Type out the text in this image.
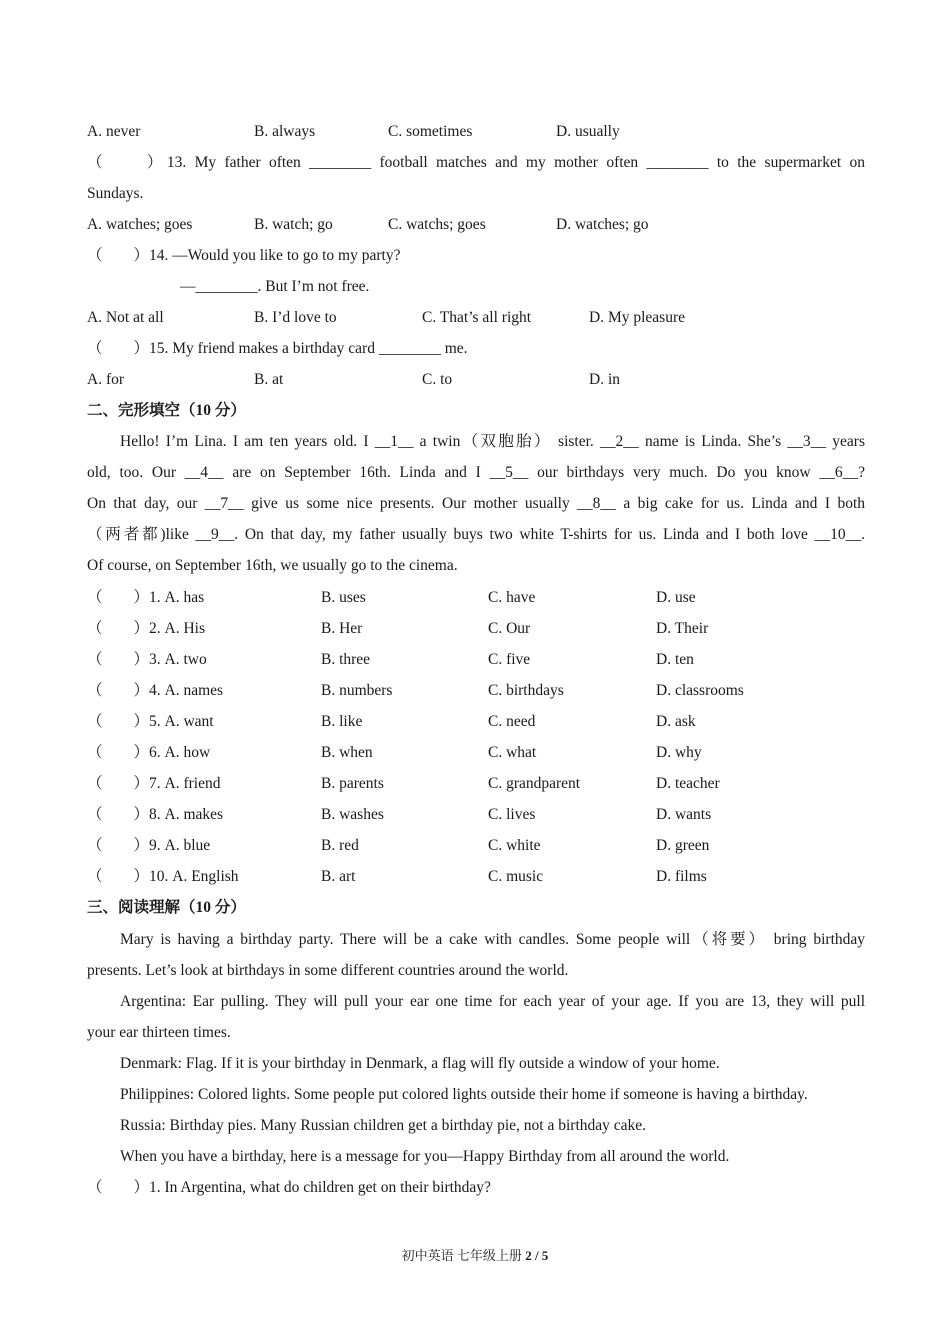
A. never	B. always	C. sometimes	D. usually
（　　）13. My father often ________ football matches and my mother often ________ to the supermarket on
Sundays.
A. watches; goes	B. watch; go	C. watchs; goes	D. watches; go
（　　）14. —Would you like to go to my party?
—________. But I’m not free.
A. Not at all	B. I’d love to	C. That’s all right	D. My pleasure
（　　）15. My friend makes a birthday card ________ me.
A. for	B. at	C. to	D. in
二、完形填空（10 分）
Hello! I’m Lina. I am ten years old. I __1__ a twin（双胞胎） sister. __2__ name is Linda. She’s __3__ years
old, too. Our __4__ are on September 16th. Linda and I __5__ our birthdays very much. Do you know __6__?
On that day, our __7__ give us some nice presents. Our mother usually __8__ a big cake for us. Linda and I both
（两者都)like __9__. On that day, my father usually buys two white T-shirts for us. Linda and I both love __10__.
Of course, on September 16th, we usually go to the cinema.
（　　）1. A. has	B. uses	C. have	D. use
（　　）2. A. His	B. Her	C. Our	D. Their
（　　）3. A. two	B. three	C. five	D. ten
（　　）4. A. names	B. numbers	C. birthdays	D. classrooms
（　　）5. A. want	B. like	C. need	D. ask
（　　）6. A. how	B. when	C. what	D. why
（　　）7. A. friend	B. parents	C. grandparent	D. teacher
（　　）8. A. makes	B. washes	C. lives	D. wants
（　　）9. A. blue	B. red	C. white	D. green
（　　）10. A. English	B. art	C. music	D. films
三、阅读理解（10 分）
Mary is having a birthday party. There will be a cake with candles. Some people will（将要） bring birthday
presents. Let’s look at birthdays in some different countries around the world.
Argentina: Ear pulling. They will pull your ear one time for each year of your age. If you are 13, they will pull
your ear thirteen times.
Denmark: Flag. If it is your birthday in Denmark, a flag will fly outside a window of your home.
Philippines: Colored lights. Some people put colored lights outside their home if someone is having a birthday.
Russia: Birthday pies. Many Russian children get a birthday pie, not a birthday cake.
When you have a birthday, here is a message for you—Happy Birthday from all around the world.
（　　）1. In Argentina, what do children get on their birthday?
初中英语 七年级上册 2 / 5
